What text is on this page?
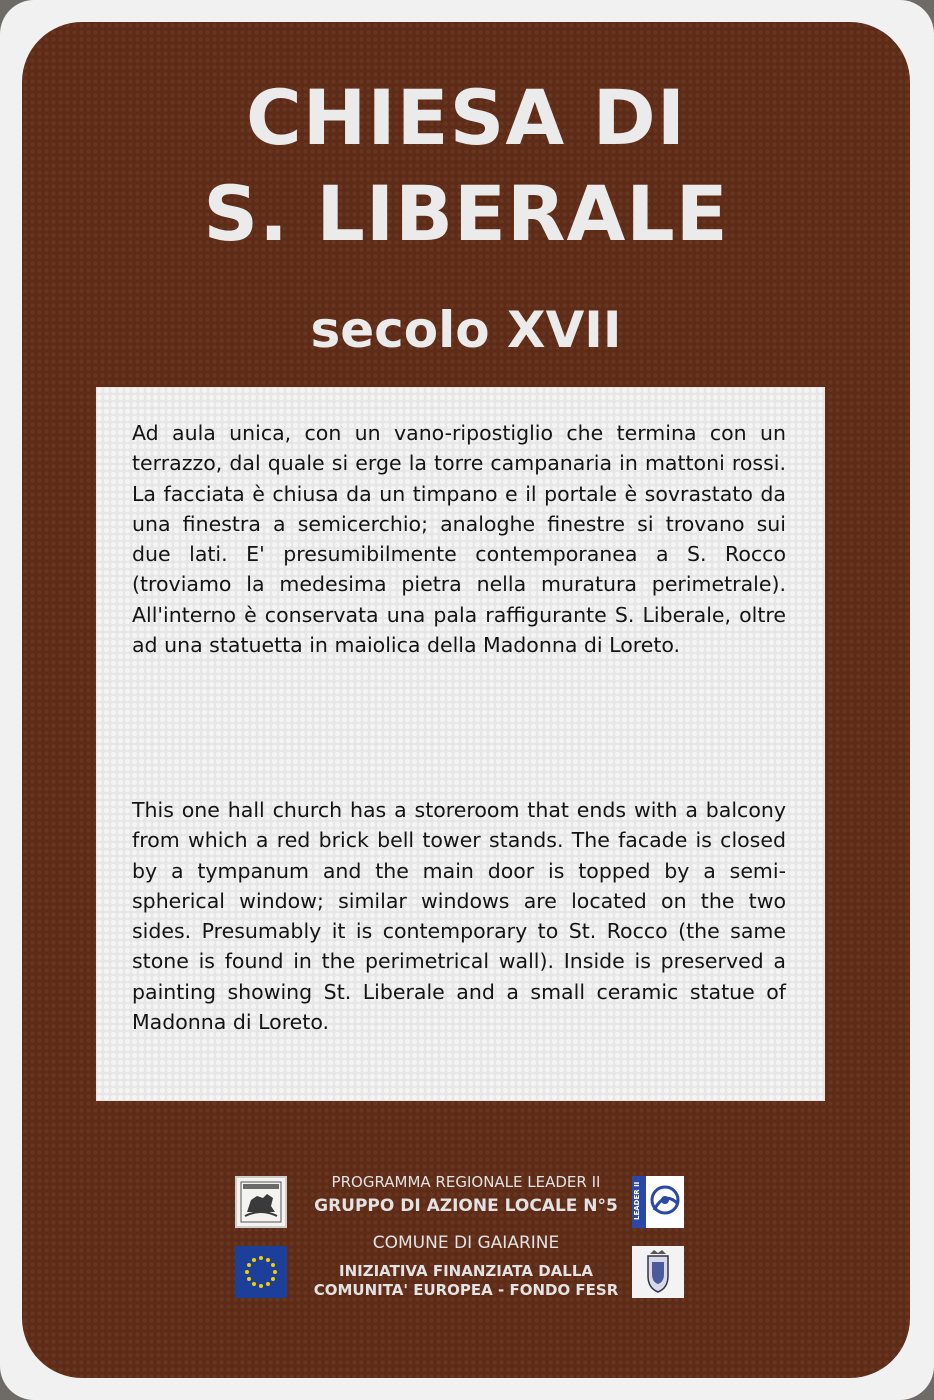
CHIESA DI
S. LIBERALE
secolo XVII

Ad aula unica, con un vano-ripostiglio che termina con un terrazzo, dal quale si erge la torre campanaria in mattoni rossi. La facciata è chiusa da un timpano e il portale è sovrastato da una finestra a semicerchio; analoghe finestre si trovano sui due lati. E' presumibilmente contemporanea a S. Rocco (troviamo la medesima pietra nella muratura perimetrale). All'interno è conservata una pala raffigurante S. Liberale, oltre ad una statuetta in maiolica della Madonna di Loreto.

This one hall church has a storeroom that ends with a balcony from which a red brick bell tower stands. The facade is closed by a tympanum and the main door is topped by a semi-spherical window; similar windows are located on the two sides. Presumably it is contemporary to St. Rocco (the same stone is found in the perimetrical wall). Inside is preserved a painting showing St. Liberale and a small ceramic statue of Madonna di Loreto.

PROGRAMMA REGIONALE LEADER II

GRUPPO DI AZIONE LOCALE N°5	LEADER II

COMUNE DI GAIARINE

INIZIATIVA FINANZIATA DALLA

COMUNITA' EUROPEA - FONDO FESR
